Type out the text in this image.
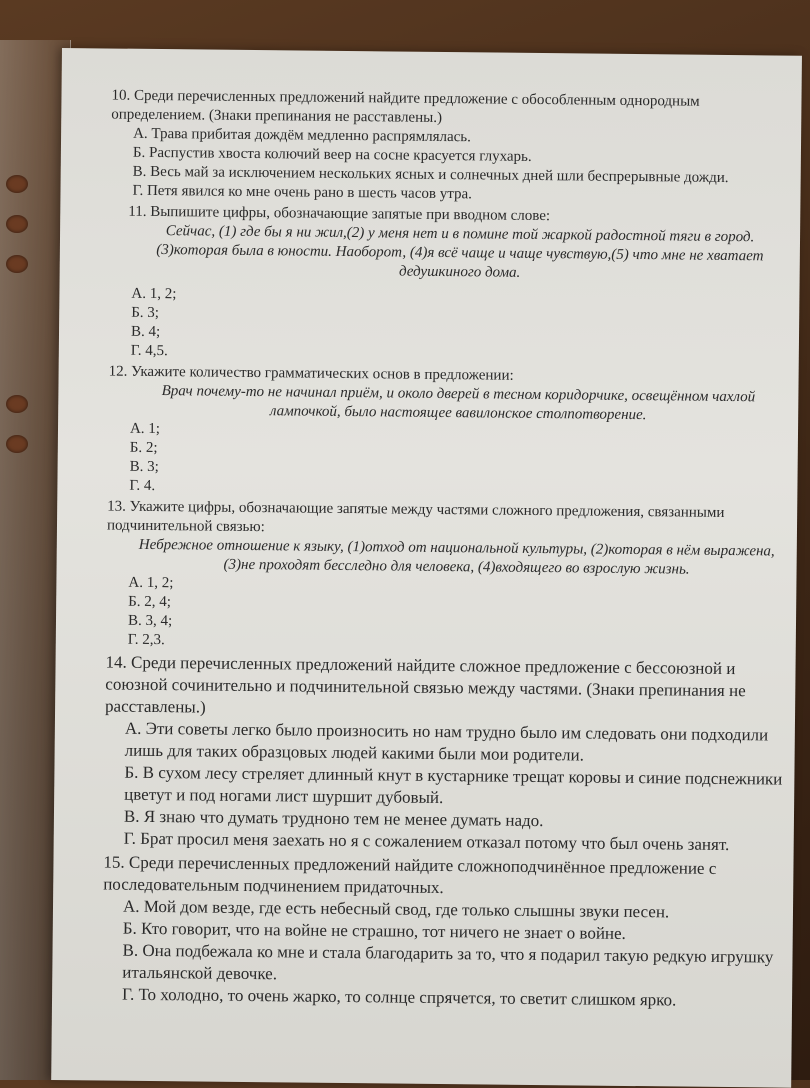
10. Среди перечисленных предложений найдите предложение с обособленным однородным определением. (Знаки препинания не расставлены.)
А. Трава прибитая дождём медленно распрямлялась.
Б. Распустив хвоста колючий веер на сосне красуется глухарь.
В. Весь май за исключением нескольких ясных и солнечных дней шли беспрерывные дожди.
Г. Петя явился ко мне очень рано в шесть часов утра.
11. Выпишите цифры, обозначающие запятые при вводном слове:
Сейчас, (1) где бы я ни жил,(2) у меня нет и в помине той жаркой радостной тяги в город. (3)которая была в юности. Наоборот, (4)я всё чаще и чаще чувствую,(5) что мне не хватает дедушкиного дома.
А. 1, 2;
Б. 3;
В. 4;
Г. 4,5.
12. Укажите количество грамматических основ в предложении:
Врач почему-то не начинал приём, и около дверей в тесном коридорчике, освещённом чахлой лампочкой, было настоящее вавилонское столпотворение.
А. 1;
Б. 2;
В. 3;
Г. 4.
13. Укажите цифры, обозначающие запятые между частями сложного предложения, связанными подчинительной связью:
Небрежное отношение к языку, (1)отход от национальной культуры, (2)которая в нём выражена, (3)не проходят бесследно для человека, (4)входящего во взрослую жизнь.
А. 1, 2;
Б. 2, 4;
В. 3, 4;
Г. 2,3.
14. Среди перечисленных предложений найдите сложное предложение с бессоюзной и союзной сочинительно и подчинительной связью между частями. (Знаки препинания не расставлены.)
А. Эти советы легко было произносить но нам трудно было им следовать они подходили лишь для таких образцовых людей какими были мои родители.
Б. В сухом лесу стреляет длинный кнут в кустарнике трещат коровы и синие подснежники цветут и под ногами лист шуршит дубовый.
В. Я знаю что думать трудноно тем не менее думать надо.
Г. Брат просил меня заехать но я с сожалением отказал потому что был очень занят.
15. Среди перечисленных предложений найдите сложноподчинённое предложение с последовательным подчинением придаточных.
А. Мой дом везде, где есть небесный свод, где только слышны звуки песен.
Б. Кто говорит, что на войне не страшно, тот ничего не знает о войне.
В. Она подбежала ко мне и стала благодарить за то, что я подарил такую редкую игрушку итальянской девочке.
Г. То холодно, то очень жарко, то солнце спрячется, то светит слишком ярко.
